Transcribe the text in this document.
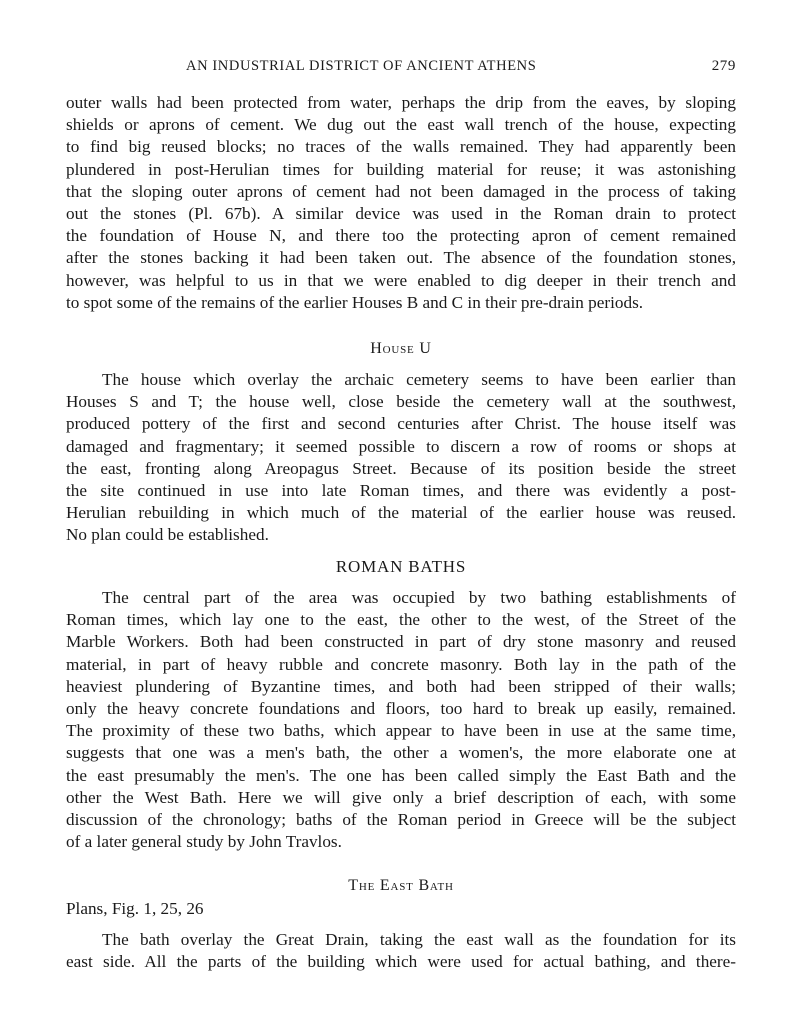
AN INDUSTRIAL DISTRICT OF ANCIENT ATHENS	279

outer walls had been protected from water, perhaps the drip from the eaves, by sloping
shields or aprons of cement. We dug out the east wall trench of the house, expecting
to find big reused blocks; no traces of the walls remained. They had apparently been
plundered in post-Herulian times for building material for reuse; it was astonishing
that the sloping outer aprons of cement had not been damaged in the process of taking
out the stones (Pl. 67b). A similar device was used in the Roman drain to protect
the foundation of House N, and there too the protecting apron of cement remained
after the stones backing it had been taken out. The absence of the foundation stones,
however, was helpful to us in that we were enabled to dig deeper in their trench and
to spot some of the remains of the earlier Houses B and C in their pre-drain periods.

House U

The house which overlay the archaic cemetery seems to have been earlier than
Houses S and T; the house well, close beside the cemetery wall at the southwest,
produced pottery of the first and second centuries after Christ. The house itself was
damaged and fragmentary; it seemed possible to discern a row of rooms or shops at
the east, fronting along Areopagus Street. Because of its position beside the street
the site continued in use into late Roman times, and there was evidently a post-
Herulian rebuilding in which much of the material of the earlier house was reused.
No plan could be established.

ROMAN BATHS

The central part of the area was occupied by two bathing establishments of
Roman times, which lay one to the east, the other to the west, of the Street of the
Marble Workers. Both had been constructed in part of dry stone masonry and reused
material, in part of heavy rubble and concrete masonry. Both lay in the path of the
heaviest plundering of Byzantine times, and both had been stripped of their walls;
only the heavy concrete foundations and floors, too hard to break up easily, remained.
The proximity of these two baths, which appear to have been in use at the same time,
suggests that one was a men's bath, the other a women's, the more elaborate one at
the east presumably the men's. The one has been called simply the East Bath and the
other the West Bath. Here we will give only a brief description of each, with some
discussion of the chronology; baths of the Roman period in Greece will be the subject
of a later general study by John Travlos.

The East Bath
Plans, Fig. 1, 25, 26

The bath overlay the Great Drain, taking the east wall as the foundation for its
east side. All the parts of the building which were used for actual bathing, and there-
